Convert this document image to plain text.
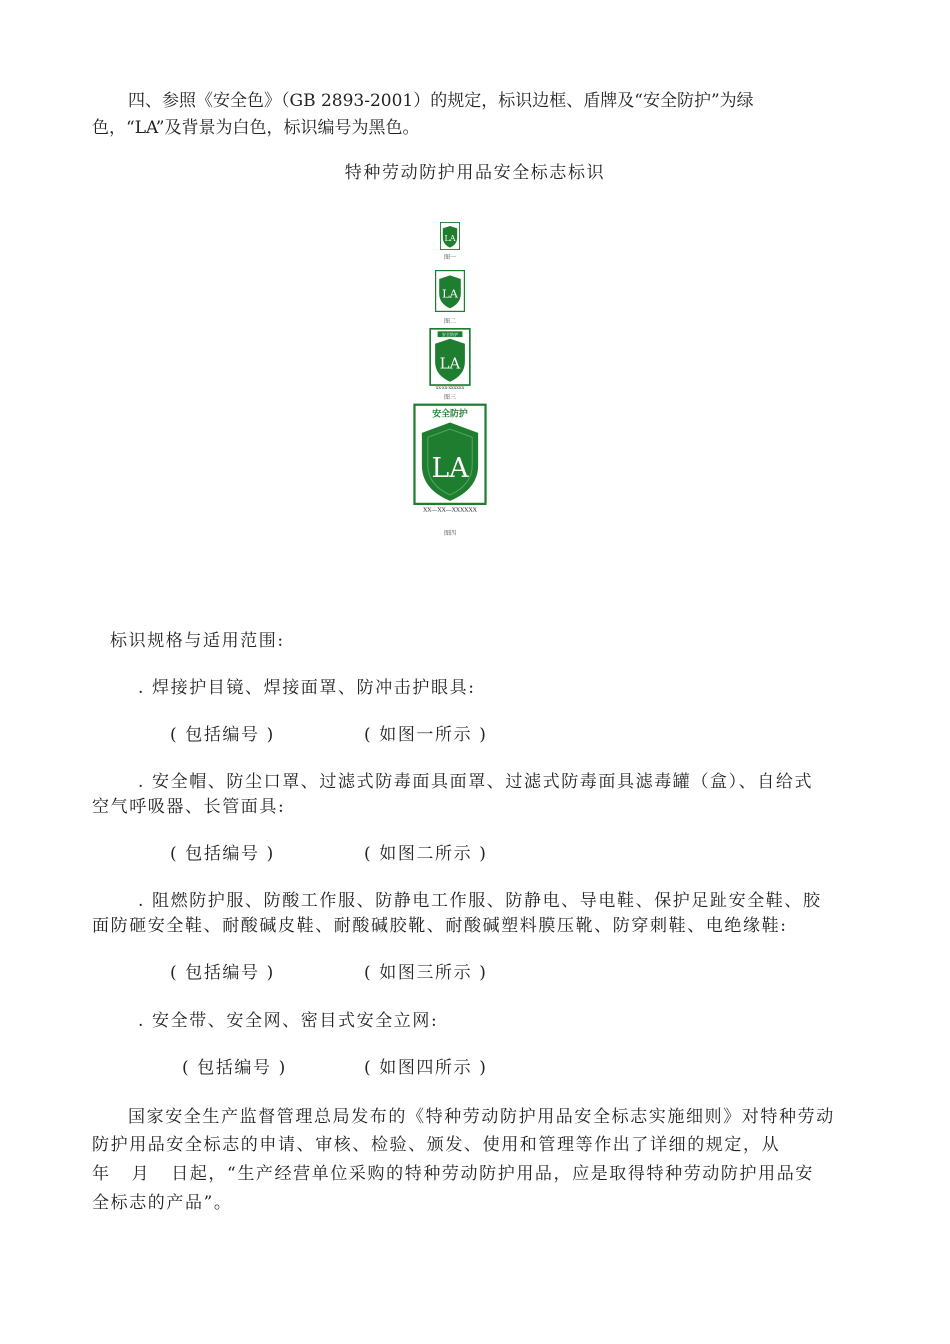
四、参照《安全色》（GB 2893-2001）的规定，标识边框、盾牌及“安全防护”为绿
色，“LA”及背景为白色，标识编号为黑色。
特种劳动防护用品安全标志标识
LA
图一
LA
图二
安全防护
LA
XX-XX-XXXXXX
图三
安全防护
LA
XX—XX—XXXXXX
图四
标识规格与适用范围:
. 焊接护目镜、焊接面罩、防冲击护眼具:
( 包括编号 )	( 如图一所示 )
. 安全帽、防尘口罩、过滤式防毒面具面罩、过滤式防毒面具滤毒罐（盒）、自给式
空气呼吸器、长管面具:
( 包括编号 )	( 如图二所示 )
. 阻燃防护服、防酸工作服、防静电工作服、防静电、导电鞋、保护足趾安全鞋、胶
面防砸安全鞋、耐酸碱皮鞋、耐酸碱胶靴、耐酸碱塑料膜压靴、防穿刺鞋、电绝缘鞋:
( 包括编号 )	( 如图三所示 )
. 安全带、安全网、密目式安全立网:
( 包括编号 )	( 如图四所示 )
国家安全生产监督管理总局发布的《特种劳动防护用品安全标志实施细则》对特种劳动
防护用品安全标志的申请、审核、检验、颁发、使用和管理等作出了详细的规定，从
年   月   日起，“生产经营单位采购的特种劳动防护用品，应是取得特种劳动防护用品安
全标志的产品”。
